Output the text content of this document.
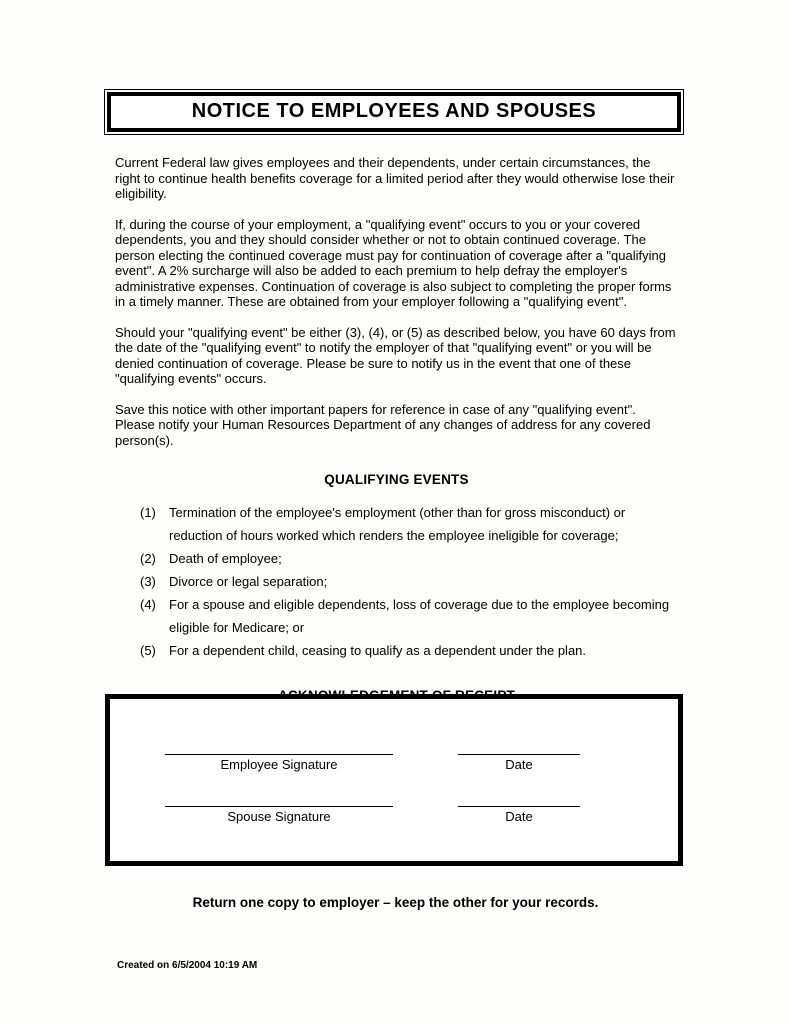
NOTICE TO EMPLOYEES AND SPOUSES

Current Federal law gives employees and their dependents, under certain circumstances, the right to continue health benefits coverage for a limited period after they would otherwise lose their eligibility.

If, during the course of your employment, a "qualifying event" occurs to you or your covered dependents, you and they should consider whether or not to obtain continued coverage. The person electing the continued coverage must pay for continuation of coverage after a "qualifying event". A 2% surcharge will also be added to each premium to help defray the employer's administrative expenses. Continuation of coverage is also subject to completing the proper forms in a timely manner. These are obtained from your employer following a "qualifying event".

Should your "qualifying event" be either (3), (4), or (5) as described below, you have 60 days from the date of the "qualifying event" to notify the employer of that "qualifying event" or you will be denied continuation of coverage. Please be sure to notify us in the event that one of these "qualifying events" occurs.

Save this notice with other important papers for reference in case of any "qualifying event". Please notify your Human Resources Department of any changes of address for any covered person(s).

QUALIFYING EVENTS
(1) Termination of the employee's employment (other than for gross misconduct) or reduction of hours worked which renders the employee ineligible for coverage;
(2) Death of employee;
(3) Divorce or legal separation;
(4) For a spouse and eligible dependents, loss of coverage due to the employee becoming eligible for Medicare; or
(5) For a dependent child, ceasing to qualify as a dependent under the plan.
Employee Signature	Date
Spouse Signature	Date
Return one copy to employer – keep the other for your records.
Created on 6/5/2004 10:19 AM
